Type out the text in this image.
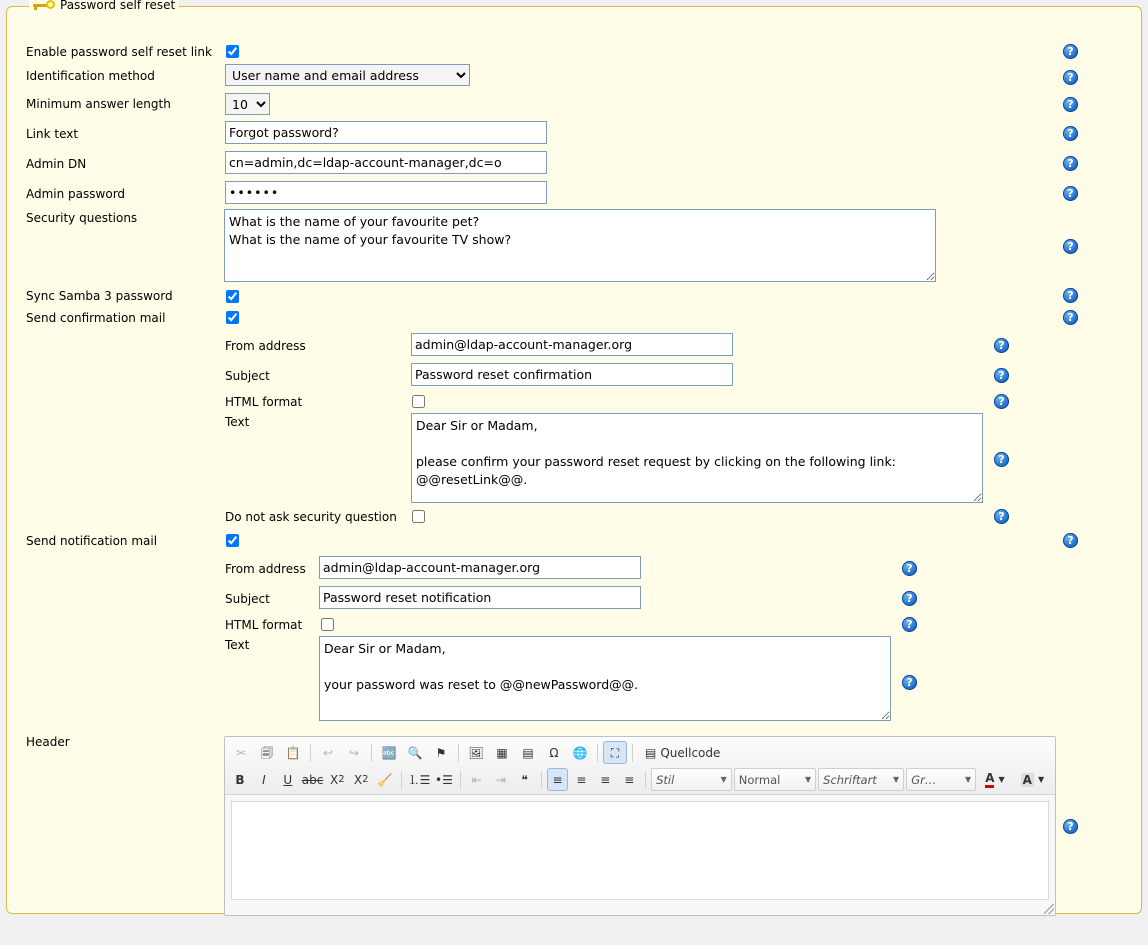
Password self reset
Enable password self reset link	?
Identification method
User name and email address	?
Minimum answer length
10	?
Link text
Forgot password?	?
Admin DN
cn=admin,dc=ldap-account-manager,dc=o	?
Admin password
••••••	?
Security questions
What is the name of your favourite pet? What is the name of your favourite TV show?
?
Sync Samba 3 password	?
Send confirmation mail	?
From address
admin@ldap-account-manager.org	?
Subject
Password reset confirmation	?
HTML format	?
Text
Dear Sir or Madam, please confirm your password reset request by clicking on the following link: @@resetLink@@.
?
Do not ask security question	?
Send notification mail	?
From address
admin@ldap-account-manager.org	?
Subject
Password reset notification	?
HTML format	?
Text
Dear Sir or Madam, your password was reset to @@newPassword@@.
?
Header
✂ 🗐 📋 ↩ ↪ 🔤 🔍 ⚑ 🖼 ▦ ▤ Ω 🌐 ⛶ ▤ Quellcode
B I U abc X 2 X 2 🧹 ⒈☰ •☰ ⇤ ⇥ ❝ ≡ ≡ ≡ ≡ Stil	▼ Normal	▼ Schriftart ▼ Gr…	▼ A ▼ A ▼
?
